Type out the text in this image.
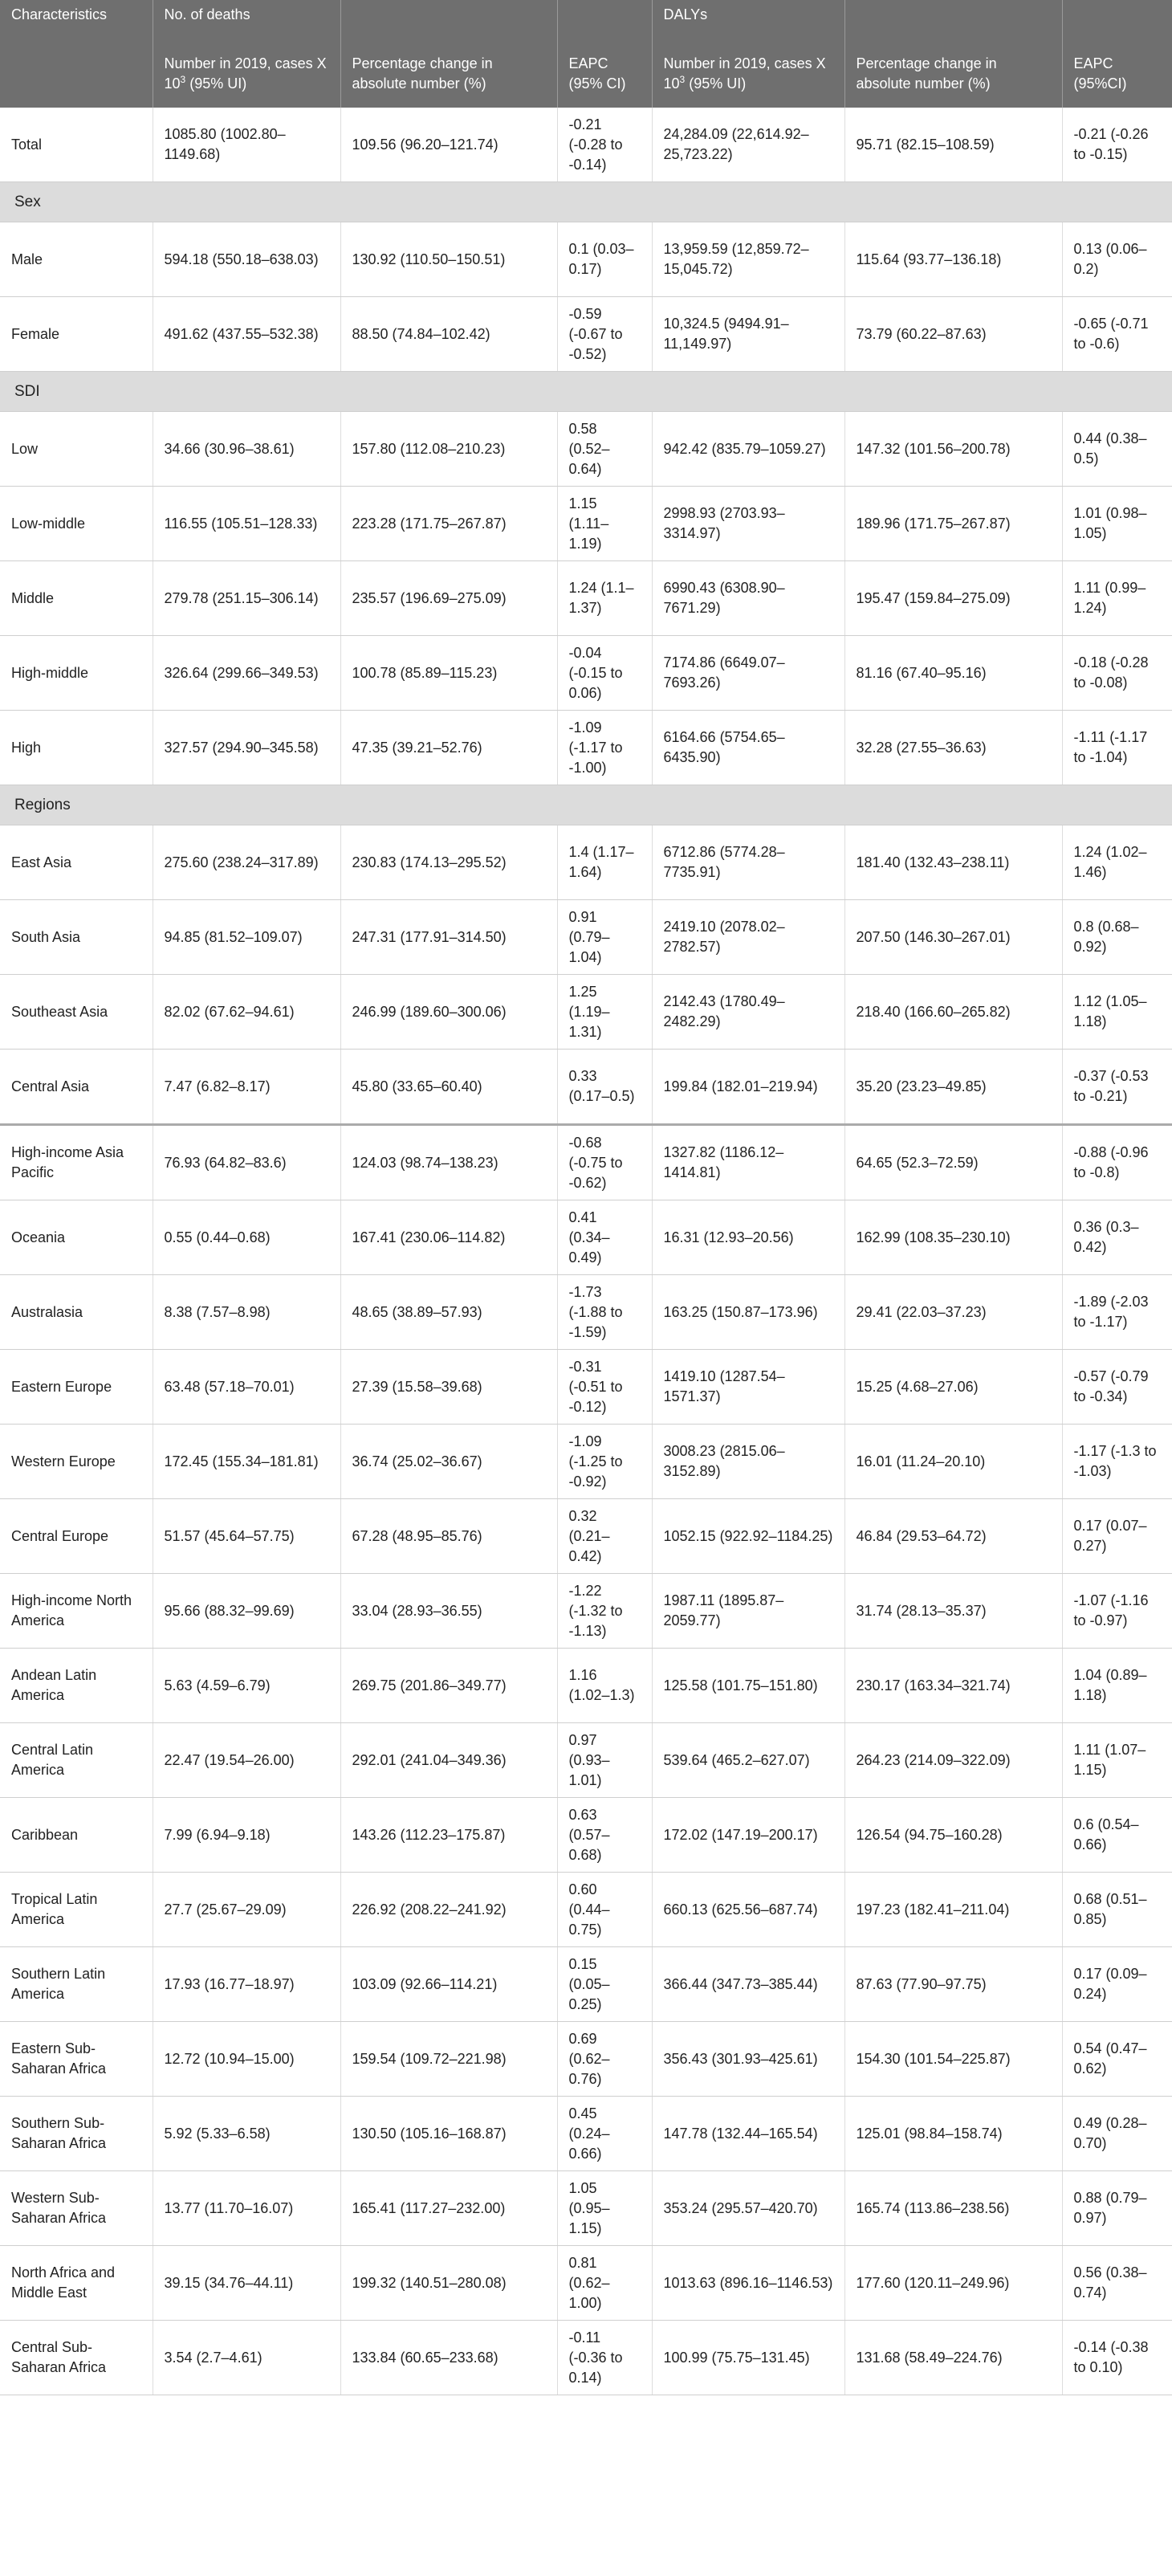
Characteristics	No. of deaths			DALYs		
	Number in 2019, cases X $10^3$ (95% UI)	Percentage change in absolute number (%)	EAPC (95% CI)	Number in 2019, cases X $10^3$ (95% UI)	Percentage change in absolute number (%)	EAPC (95%CI)
Total	1085.80 (1002.80–1149.68)	109.56 (96.20–121.74)	-0.21 (-0.28 to -0.14)	24,284.09 (22,614.92–25,723.22)	95.71 (82.15–108.59)	-0.21 (-0.26 to -0.15)
Sex						
Male	594.18 (550.18–638.03)	130.92 (110.50–150.51)	0.1 (0.03–0.17)	13,959.59 (12,859.72–15,045.72)	115.64 (93.77–136.18)	0.13 (0.06–0.2)
Female	491.62 (437.55–532.38)	88.50 (74.84–102.42)	-0.59 (-0.67 to -0.52)	10,324.5 (9494.91–11,149.97)	73.79 (60.22–87.63)	-0.65 (-0.71 to -0.6)
SDI						
Low	34.66 (30.96–38.61)	157.80 (112.08–210.23)	0.58 (0.52–0.64)	942.42 (835.79–1059.27)	147.32 (101.56–200.78)	0.44 (0.38–0.5)
Low-middle	116.55 (105.51–128.33)	223.28 (171.75–267.87)	1.15 (1.11–1.19)	2998.93 (2703.93–3314.97)	189.96 (171.75–267.87)	1.01 (0.98–1.05)
Middle	279.78 (251.15–306.14)	235.57 (196.69–275.09)	1.24 (1.1–1.37)	6990.43 (6308.90–7671.29)	195.47 (159.84–275.09)	1.11 (0.99–1.24)
High-middle	326.64 (299.66–349.53)	100.78 (85.89–115.23)	-0.04 (-0.15 to 0.06)	7174.86 (6649.07–7693.26)	81.16 (67.40–95.16)	-0.18 (-0.28 to -0.08)
High	327.57 (294.90–345.58)	47.35 (39.21–52.76)	-1.09 (-1.17 to -1.00)	6164.66 (5754.65–6435.90)	32.28 (27.55–36.63)	-1.11 (-1.17 to -1.04)
Regions						
East Asia	275.60 (238.24–317.89)	230.83 (174.13–295.52)	1.4 (1.17–1.64)	6712.86 (5774.28–7735.91)	181.40 (132.43–238.11)	1.24 (1.02–1.46)
South Asia	94.85 (81.52–109.07)	247.31 (177.91–314.50)	0.91 (0.79–1.04)	2419.10 (2078.02–2782.57)	207.50 (146.30–267.01)	0.8 (0.68–0.92)
Southeast Asia	82.02 (67.62–94.61)	246.99 (189.60–300.06)	1.25 (1.19–1.31)	2142.43 (1780.49–2482.29)	218.40 (166.60–265.82)	1.12 (1.05–1.18)
Central Asia	7.47 (6.82–8.17)	45.80 (33.65–60.40)	0.33 (0.17–0.5)	199.84 (182.01–219.94)	35.20 (23.23–49.85)	-0.37 (-0.53 to -0.21)
High-income Asia Pacific	76.93 (64.82–83.6)	124.03 (98.74–138.23)	-0.68 (-0.75 to -0.62)	1327.82 (1186.12–1414.81)	64.65 (52.3–72.59)	-0.88 (-0.96 to -0.8)
Oceania	0.55 (0.44–0.68)	167.41 (230.06–114.82)	0.41 (0.34–0.49)	16.31 (12.93–20.56)	162.99 (108.35–230.10)	0.36 (0.3–0.42)
Australasia	8.38 (7.57–8.98)	48.65 (38.89–57.93)	-1.73 (-1.88 to -1.59)	163.25 (150.87–173.96)	29.41 (22.03–37.23)	-1.89 (-2.03 to -1.17)
Eastern Europe	63.48 (57.18–70.01)	27.39 (15.58–39.68)	-0.31 (-0.51 to -0.12)	1419.10 (1287.54–1571.37)	15.25 (4.68–27.06)	-0.57 (-0.79 to -0.34)
Western Europe	172.45 (155.34–181.81)	36.74 (25.02–36.67)	-1.09 (-1.25 to -0.92)	3008.23 (2815.06–3152.89)	16.01 (11.24–20.10)	-1.17 (-1.3 to -1.03)
Central Europe	51.57 (45.64–57.75)	67.28 (48.95–85.76)	0.32 (0.21–0.42)	1052.15 (922.92–1184.25)	46.84 (29.53–64.72)	0.17 (0.07–0.27)
High-income North America	95.66 (88.32–99.69)	33.04 (28.93–36.55)	-1.22 (-1.32 to -1.13)	1987.11 (1895.87–2059.77)	31.74 (28.13–35.37)	-1.07 (-1.16 to -0.97)
Andean Latin America	5.63 (4.59–6.79)	269.75 (201.86–349.77)	1.16 (1.02–1.3)	125.58 (101.75–151.80)	230.17 (163.34–321.74)	1.04 (0.89–1.18)
Central Latin America	22.47 (19.54–26.00)	292.01 (241.04–349.36)	0.97 (0.93–1.01)	539.64 (465.2–627.07)	264.23 (214.09–322.09)	1.11 (1.07–1.15)
Caribbean	7.99 (6.94–9.18)	143.26 (112.23–175.87)	0.63 (0.57–0.68)	172.02 (147.19–200.17)	126.54 (94.75–160.28)	0.6 (0.54–0.66)
Tropical Latin America	27.7 (25.67–29.09)	226.92 (208.22–241.92)	0.60 (0.44–0.75)	660.13 (625.56–687.74)	197.23 (182.41–211.04)	0.68 (0.51–0.85)
Southern Latin America	17.93 (16.77–18.97)	103.09 (92.66–114.21)	0.15 (0.05–0.25)	366.44 (347.73–385.44)	87.63 (77.90–97.75)	0.17 (0.09–0.24)
Eastern Sub-Saharan Africa	12.72 (10.94–15.00)	159.54 (109.72–221.98)	0.69 (0.62–0.76)	356.43 (301.93–425.61)	154.30 (101.54–225.87)	0.54 (0.47–0.62)
Southern Sub-Saharan Africa	5.92 (5.33–6.58)	130.50 (105.16–168.87)	0.45 (0.24–0.66)	147.78 (132.44–165.54)	125.01 (98.84–158.74)	0.49 (0.28–0.70)
Western Sub-Saharan Africa	13.77 (11.70–16.07)	165.41 (117.27–232.00)	1.05 (0.95–1.15)	353.24 (295.57–420.70)	165.74 (113.86–238.56)	0.88 (0.79–0.97)
North Africa and Middle East	39.15 (34.76–44.11)	199.32 (140.51–280.08)	0.81 (0.62–1.00)	1013.63 (896.16–1146.53)	177.60 (120.11–249.96)	0.56 (0.38–0.74)
Central Sub-Saharan Africa	3.54 (2.7–4.61)	133.84 (60.65–233.68)	-0.11 (-0.36 to 0.14)	100.99 (75.75–131.45)	131.68 (58.49–224.76)	-0.14 (-0.38 to 0.10)
